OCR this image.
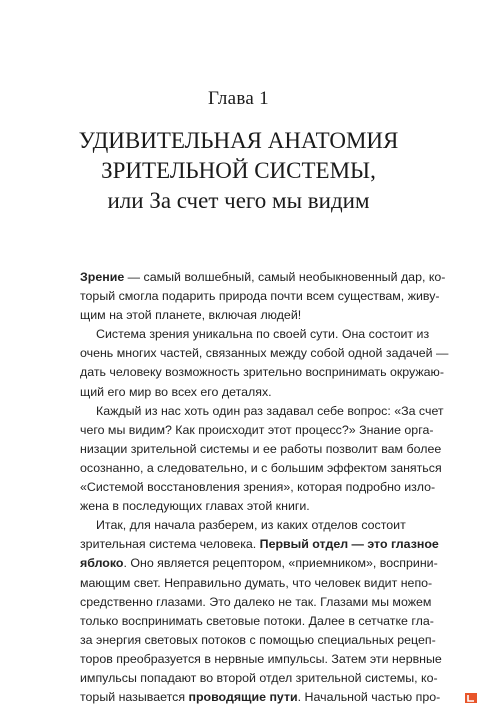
Глава 1
УДИВИТЕЛЬНАЯ АНАТОМИЯ
ЗРИТЕЛЬНОЙ СИСТЕМЫ,
или За счет чего мы видим
Зрение — самый волшебный, самый необыкновенный дар, ко-
торый смогла подарить природа почти всем существам, живу-
щим на этой планете, включая людей!
Система зрения уникальна по своей сути. Она состоит из
очень многих частей, связанных между собой одной задачей —
дать человеку возможность зрительно воспринимать окружаю-
щий его мир во всех его деталях.
Каждый из нас хоть один раз задавал себе вопрос: «За счет
чего мы видим? Как происходит этот процесс?» Знание орга-
низации зрительной системы и ее работы позволит вам более
осознанно, а следовательно, и с большим эффектом заняться
«Системой восстановления зрения», которая подробно изло-
жена в последующих главах этой книги.
Итак, для начала разберем, из каких отделов состоит
зрительная система человека. Первый отдел — это глазное
яблоко. Оно является рецептором, «приемником», восприни-
мающим свет. Неправильно думать, что человек видит непо-
средственно глазами. Это далеко не так. Глазами мы можем
только воспринимать световые потоки. Далее в сетчатке гла-
за энергия световых потоков с помощью специальных рецеп-
торов преобразуется в нервные импульсы. Затем эти нервные
импульсы попадают во второй отдел зрительной системы, ко-
торый называется проводящие пути. Начальной частью про-
